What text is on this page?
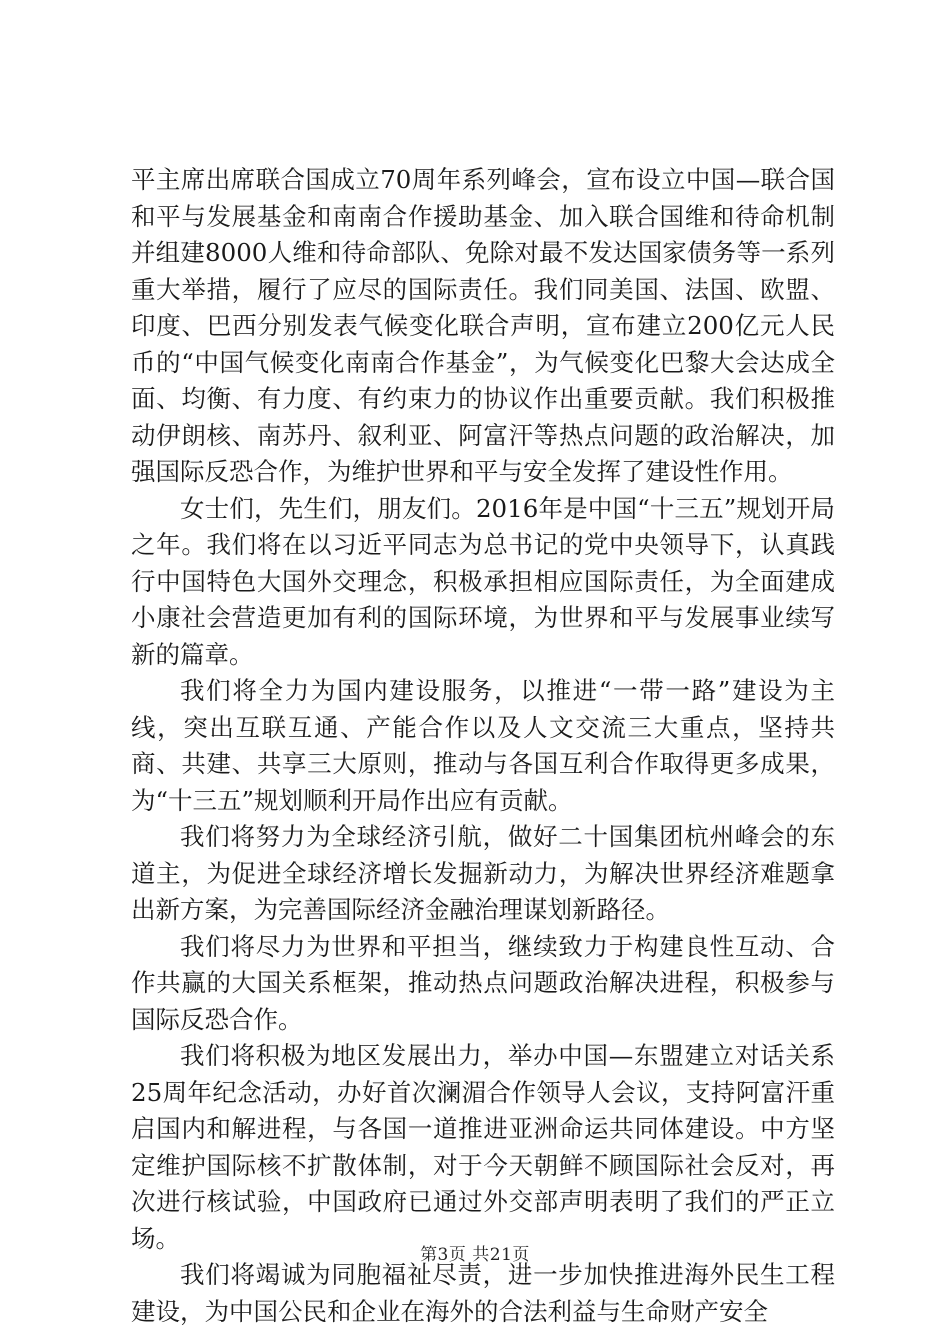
平主席出席联合国成立70周年系列峰会，宣布设立中国—联合国和平与发展基金和南南合作援助基金、加入联合国维和待命机制并组建8000人维和待命部队、免除对最不发达国家债务等一系列重大举措，履行了应尽的国际责任。我们同美国、法国、欧盟、印度、巴西分别发表气候变化联合声明，宣布建立200亿元人民币的“中国气候变化南南合作基金”，为气候变化巴黎大会达成全面、均衡、有力度、有约束力的协议作出重要贡献。我们积极推动伊朗核、南苏丹、叙利亚、阿富汗等热点问题的政治解决，加强国际反恐合作，为维护世界和平与安全发挥了建设性作用。

女士们，先生们，朋友们。2016年是中国“十三五”规划开局之年。我们将在以习近平同志为总书记的党中央领导下，认真践行中国特色大国外交理念，积极承担相应国际责任，为全面建成小康社会营造更加有利的国际环境，为世界和平与发展事业续写新的篇章。

我们将全力为国内建设服务，以推进“一带一路”建设为主线，突出互联互通、产能合作以及人文交流三大重点，坚持共商、共建、共享三大原则，推动与各国互利合作取得更多成果，为“十三五”规划顺利开局作出应有贡献。

我们将努力为全球经济引航，做好二十国集团杭州峰会的东道主，为促进全球经济增长发掘新动力，为解决世界经济难题拿出新方案，为完善国际经济金融治理谋划新路径。

我们将尽力为世界和平担当，继续致力于构建良性互动、合作共赢的大国关系框架，推动热点问题政治解决进程，积极参与国际反恐合作。

我们将积极为地区发展出力，举办中国—东盟建立对话关系25周年纪念活动，办好首次澜湄合作领导人会议，支持阿富汗重启国内和解进程，与各国一道推进亚洲命运共同体建设。中方坚定维护国际核不扩散体制，对于今天朝鲜不顾国际社会反对，再次进行核试验，中国政府已通过外交部声明表明了我们的严正立场。

我们将竭诚为同胞福祉尽责，进一步加快推进海外民生工程建设，为中国公民和企业在海外的合法利益与生命财产安全

第3页 共21页
